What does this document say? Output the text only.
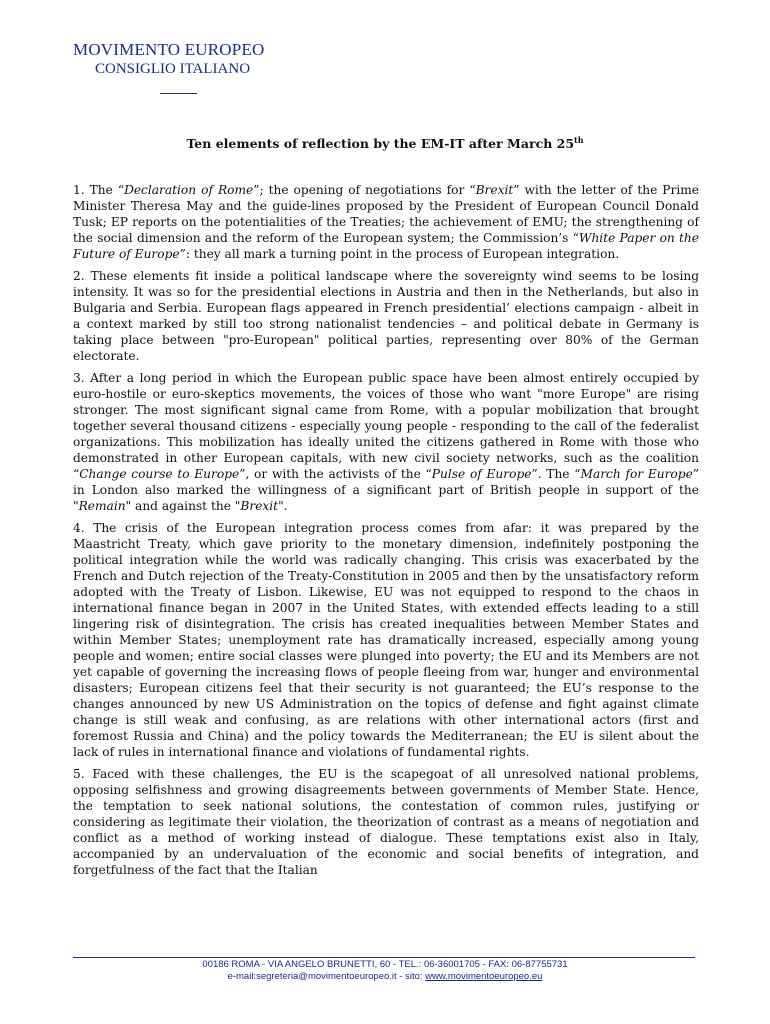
MOVIMENTO EUROPEO
CONSIGLIO ITALIANO
Ten elements of reflection by the EM-IT after March 25th

1. The “Declaration of Rome”; the opening of negotiations for “Brexit” with the letter of the Prime Minister Theresa May and the guide-lines proposed by the President of European Council Donald Tusk; EP reports on the potentialities of the Treaties; the achievement of EMU; the strengthening of the social dimension and the reform of the European system; the Commission’s “White Paper on the Future of Europe”: they all mark a turning point in the process of European integration.

2. These elements fit inside a political landscape where the sovereignty wind seems to be losing intensity. It was so for the presidential elections in Austria and then in the Netherlands, but also in Bulgaria and Serbia. European flags appeared in French presidential’ elections campaign - albeit in a context marked by still too strong nationalist tendencies – and political debate in Germany is taking place between "pro-European" political parties, representing over 80% of the German electorate.

3. After a long period in which the European public space have been almost entirely occupied by euro-hostile or euro-skeptics movements, the voices of those who want "more Europe" are rising stronger. The most significant signal came from Rome, with a popular mobilization that brought together several thousand citizens - especially young people - responding to the call of the federalist organizations. This mobilization has ideally united the citizens gathered in Rome with those who demonstrated in other European capitals, with new civil society networks, such as the coalition “Change course to Europe”, or with the activists of the “Pulse of Europe”. The “March for Europe” in London also marked the willingness of a significant part of British people in support of the "Remain" and against the "Brexit".

4. The crisis of the European integration process comes from afar: it was prepared by the Maastricht Treaty, which gave priority to the monetary dimension, indefinitely postponing the political integration while the world was radically changing. This crisis was exacerbated by the French and Dutch rejection of the Treaty-Constitution in 2005 and then by the unsatisfactory reform adopted with the Treaty of Lisbon. Likewise, EU was not equipped to respond to the chaos in international finance began in 2007 in the United States, with extended effects leading to a still lingering risk of disintegration. The crisis has created inequalities between Member States and within Member States; unemployment rate has dramatically increased, especially among young people and women; entire social classes were plunged into poverty; the EU and its Members are not yet capable of governing the increasing flows of people fleeing from war, hunger and environmental disasters; European citizens feel that their security is not guaranteed; the EU’s response to the changes announced by new US Administration on the topics of defense and fight against climate change is still weak and confusing, as are relations with other international actors (first and foremost Russia and China) and the policy towards the Mediterranean; the EU is silent about the lack of rules in international finance and violations of fundamental rights.

5. Faced with these challenges, the EU is the scapegoat of all unresolved national problems, opposing selfishness and growing disagreements between governments of Member State. Hence, the temptation to seek national solutions, the contestation of common rules, justifying or considering as legitimate their violation, the theorization of contrast as a means of negotiation and conflict as a method of working instead of dialogue. These temptations exist also in Italy, accompanied by an undervaluation of the economic and social benefits of integration, and forgetfulness of the fact that the Italian

00186 ROMA - VIA ANGELO BRUNETTI, 60 - TEL.: 06-36001705 - FAX: 06-87755731
e-mail:segreteria@movimentoeuropeo.it - sito: www.movimentoeuropeo.eu
